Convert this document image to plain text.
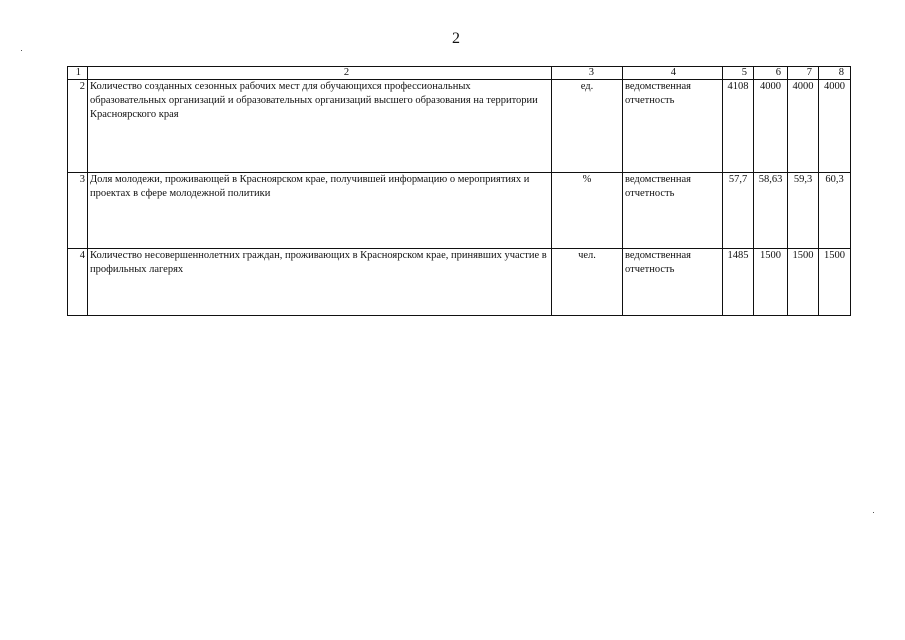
2
1	2	3	4	5	6	7	8
2	Количество созданных сезонных рабочих мест для обучающихся профессиональных образовательных организаций и образовательных организаций высшего образования на территории Красноярского края	ед.	ведомственная отчетность	4108	4000	4000	4000
3	Доля молодежи, проживающей в Красноярском крае, получившей информацию о мероприятиях и проектах в сфере молодежной политики	%	ведомственная отчетность	57,7	58,63	59,3	60,3
4	Количество несовершеннолетних граждан, проживающих в Красноярском крае, принявших участие в профильных лагерях	чел.	ведомственная отчетность	1485	1500	1500	1500
